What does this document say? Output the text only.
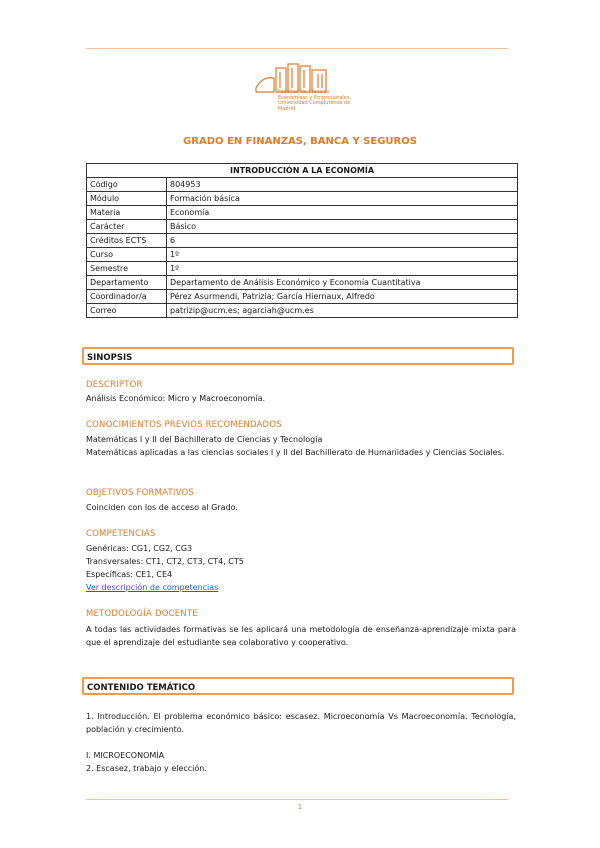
Facultad de Ciencias
Económicas y Empresariales
Universidad Complutense de Madrid
GRADO EN FINANZAS, BANCA Y SEGUROS
INTRODUCCIÓN A LA ECONOMÍA	
Código	804953
Módulo	Formación básica
Materia	Economía
Carácter	Básico
Créditos ECTS	6
Curso	1º
Semestre	1º
Departamento	Departamento de Análisis Económico y Economía Cuantitativa
Coordinador/a	Pérez Asurmendi, Patrizia; García Hiernaux, Alfredo
Correo	patrizip@ucm.es; agarciah@ucm.es
SINOPSIS
DESCRIPTOR
Análisis Económico: Micro y Macroeconomía.
CONOCIMIENTOS PREVIOS RECOMENDADOS
Matemáticas I y II del Bachillerato de Ciencias y Tecnología
Matemáticas aplicadas a las ciencias sociales I y II del Bachillerato de Humanidades y Ciencias Sociales.
OBJETIVOS FORMATIVOS
Coinciden con los de acceso al Grado.
COMPETENCIAS
Genéricas: CG1, CG2, CG3
Transversales: CT1, CT2, CT3, CT4, CT5
Específicas: CE1, CE4
Ver descripción de competencias
METODOLOGÍA DOCENTE
A todas las actividades formativas se les aplicará una metodología de enseñanza-aprendizaje mixta para que el aprendizaje del estudiante sea colaborativo y cooperativo.
CONTENIDO TEMÁTICO
1. Introducción. El problema económico básico: escasez. Microeconomía Vs Macroeconomía. Tecnología, población y crecimiento.
I. MICROECONOMÍA
2. Escasez, trabajo y elección.
1
